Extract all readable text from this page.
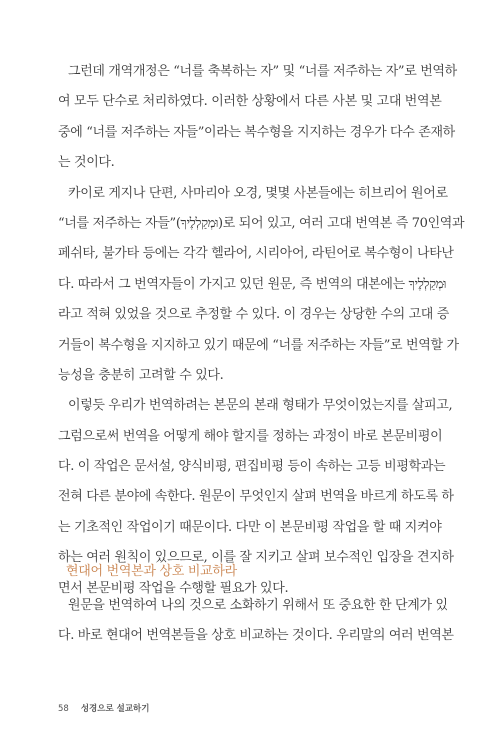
그런데 개역개정은 “너를 축복하는 자” 및 “너를 저주하는 자”로 번역하
여 모두 단수로 처리하였다. 이러한 상황에서 다른 사본 및 고대 번역본
중에 “너를 저주하는 자들”이라는 복수형을 지지하는 경우가 다수 존재하
는 것이다.
카이로 게지나 단편, 사마리아 오경, 몇몇 사본들에는 히브리어 원어로
“너를 저주하는 자들”(וּמְקַלְלֶיךָ)로 되어 있고, 여러 고대 번역본 즉 70인역과
페쉬타, 불가타 등에는 각각 헬라어, 시리아어, 라틴어로 복수형이 나타난
다. 따라서 그 번역자들이 가지고 있던 원문, 즉 번역의 대본에는 וּמְקַלְלֶיךָ
라고 적혀 있었을 것으로 추정할 수 있다. 이 경우는 상당한 수의 고대 증
거들이 복수형을 지지하고 있기 때문에 “너를 저주하는 자들”로 번역할 가
능성을 충분히 고려할 수 있다.
이렇듯 우리가 번역하려는 본문의 본래 형태가 무엇이었는지를 살피고,
그럼으로써 번역을 어떻게 해야 할지를 정하는 과정이 바로 본문비평이
다. 이 작업은 문서설, 양식비평, 편집비평 등이 속하는 고등 비평학과는
전혀 다른 분야에 속한다. 원문이 무엇인지 살펴 번역을 바르게 하도록 하
는 기초적인 작업이기 때문이다. 다만 이 본문비평 작업을 할 때 지켜야
하는 여러 원칙이 있으므로, 이를 잘 지키고 살펴 보수적인 입장을 견지하
면서 본문비평 작업을 수행할 필요가 있다.
현대어 번역본과 상호 비교하라
원문을 번역하여 나의 것으로 소화하기 위해서 또 중요한 한 단계가 있
다. 바로 현대어 번역본들을 상호 비교하는 것이다. 우리말의 여러 번역본
58 성경으로 설교하기
